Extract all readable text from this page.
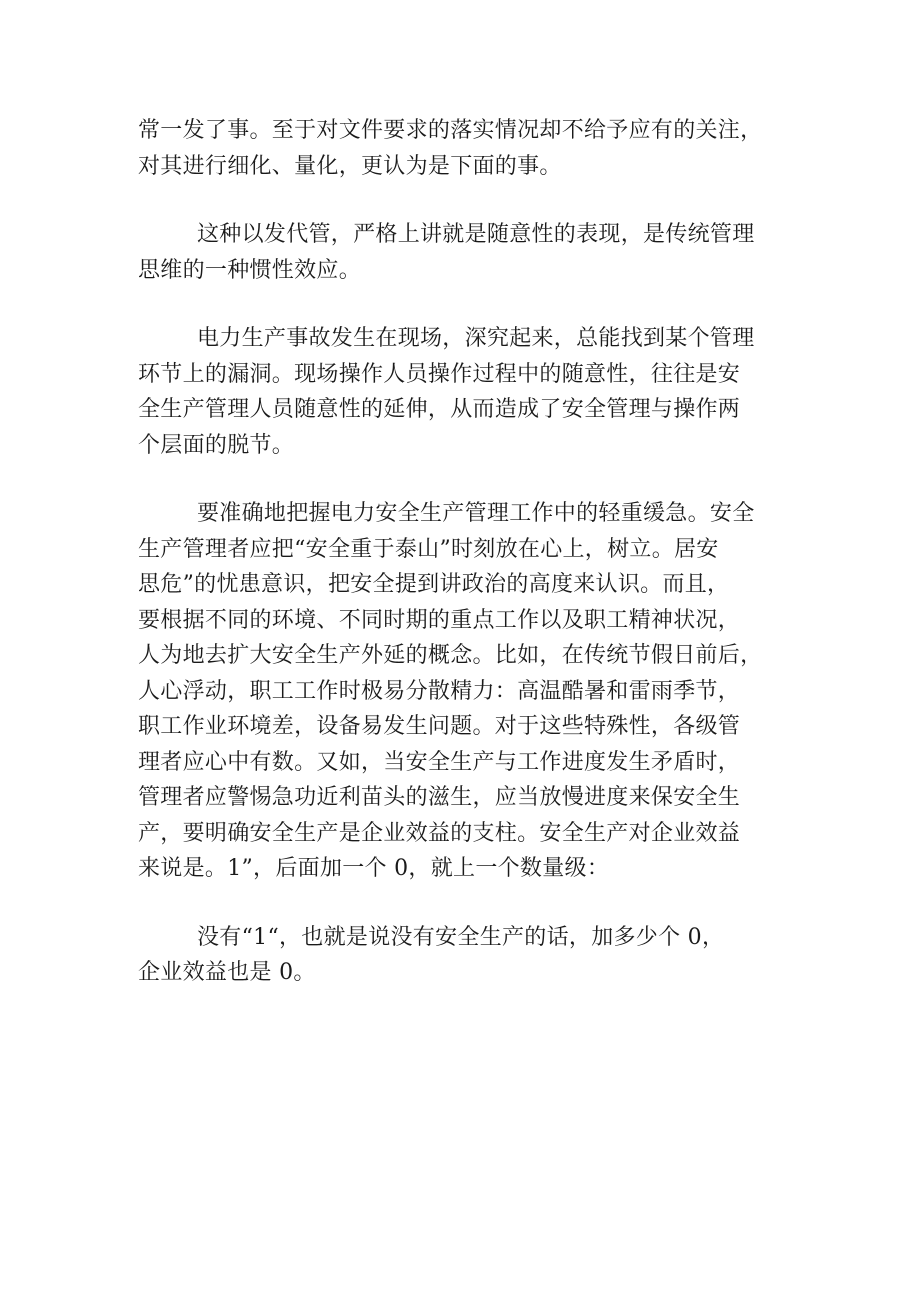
常一发了事。至于对文件要求的落实情况却不给予应有的关注，
对其进行细化、量化，更认为是下面的事。

这种以发代管，严格上讲就是随意性的表现，是传统管理
思维的一种惯性效应。

电力生产事故发生在现场，深究起来，总能找到某个管理
环节上的漏洞。现场操作人员操作过程中的随意性，往往是安
全生产管理人员随意性的延伸，从而造成了安全管理与操作两
个层面的脱节。

要准确地把握电力安全生产管理工作中的轻重缓急。安全
生产管理者应把“安全重于泰山”时刻放在心上，树立。居安
思危”的忧患意识，把安全提到讲政治的高度来认识。而且，
要根据不同的环境、不同时期的重点工作以及职工精神状况，
人为地去扩大安全生产外延的概念。比如，在传统节假日前后，
人心浮动，职工工作时极易分散精力：高温酷暑和雷雨季节，
职工作业环境差，设备易发生问题。对于这些特殊性，各级管
理者应心中有数。又如，当安全生产与工作进度发生矛盾时，
管理者应警惕急功近利苗头的滋生，应当放慢进度来保安全生
产，要明确安全生产是企业效益的支柱。安全生产对企业效益
来说是。1”，后面加一个 0，就上一个数量级：

没有“1“，也就是说没有安全生产的话，加多少个 0，
企业效益也是 0。
